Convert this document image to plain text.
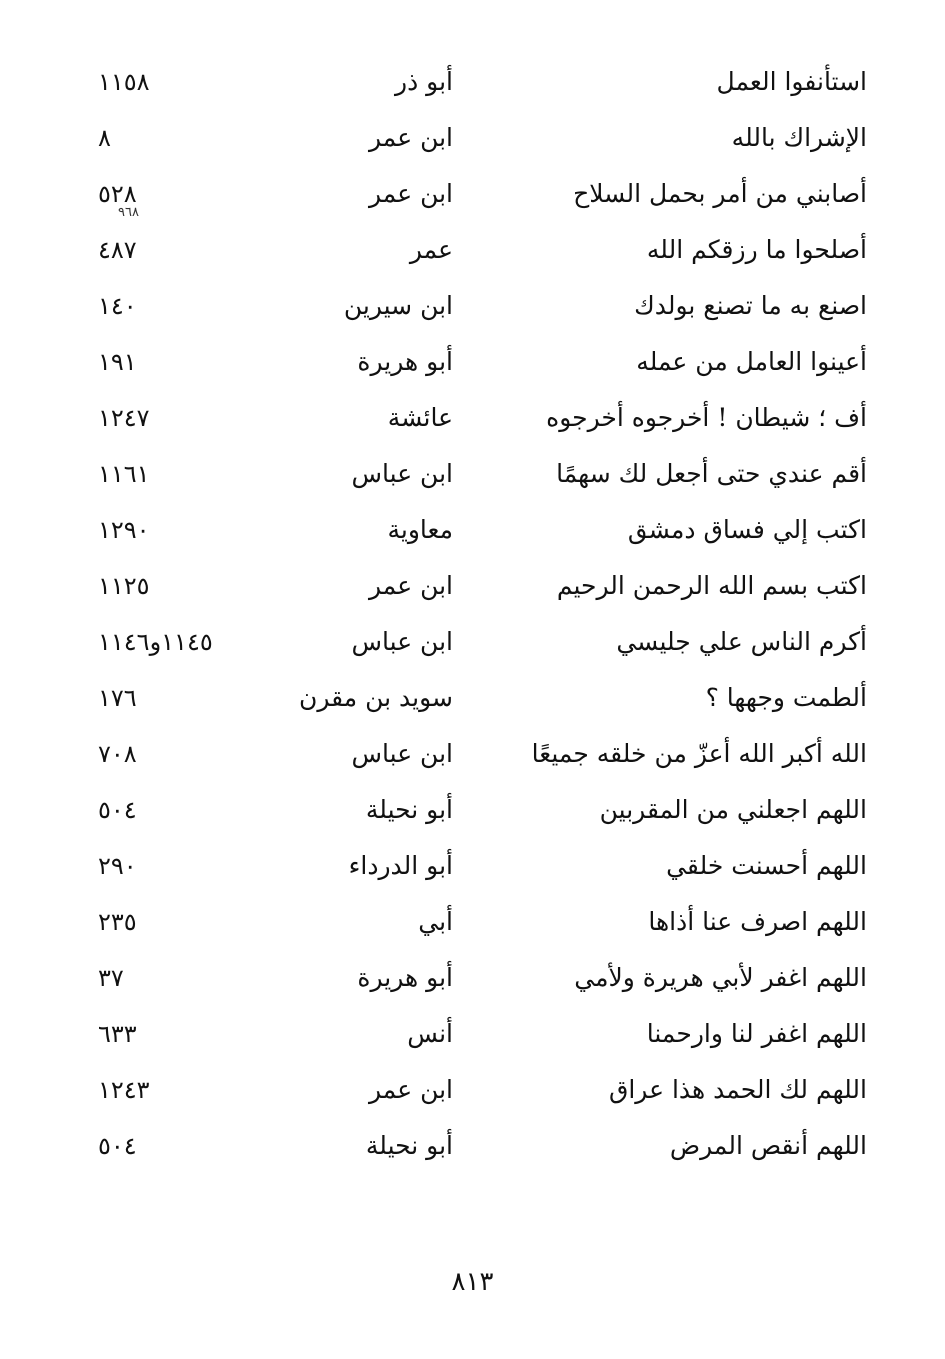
استأنفوا العمل
أبو ذر
١١٥٨
الإشراك بالله
ابن عمر
٨
أصابني من أمر بحمل السلاح
ابن عمر
٥٢٨
أصلحوا ما رزقكم الله
عمر
٤٨٧
اصنع به ما تصنع بولدك
ابن سيرين
١٤٠
أعينوا العامل من عمله
أبو هريرة
١٩١
أف ؛ شيطان ! أخرجوه أخرجوه
عائشة
١٢٤٧
أقم عندي حتى أجعل لك سهمًا
ابن عباس
١١٦١
اكتب إلي فساق دمشق
معاوية
١٢٩٠
اكتب بسم الله الرحمن الرحيم
ابن عمر
١١٢٥
أكرم الناس علي جليسي
ابن عباس
١١٤٥و١١٤٦
ألطمت وجهها ؟
سويد بن مقرن
١٧٦
الله أكبر الله أعزّ من خلقه جميعًا
ابن عباس
٧٠٨
اللهم اجعلني من المقربين
أبو نحيلة
٥٠٤
اللهم أحسنت خلقي
أبو الدرداء
٢٩٠
اللهم اصرف عنا أذاها
أبي
٢٣٥
اللهم اغفر لأبي هريرة ولأمي
أبو هريرة
٣٧
اللهم اغفر لنا وارحمنا
أنس
٦٣٣
اللهم لك الحمد هذا عراق
ابن عمر
١٢٤٣
اللهم أنقص المرض
أبو نحيلة
٥٠٤
٩٦٨
٨١٣
